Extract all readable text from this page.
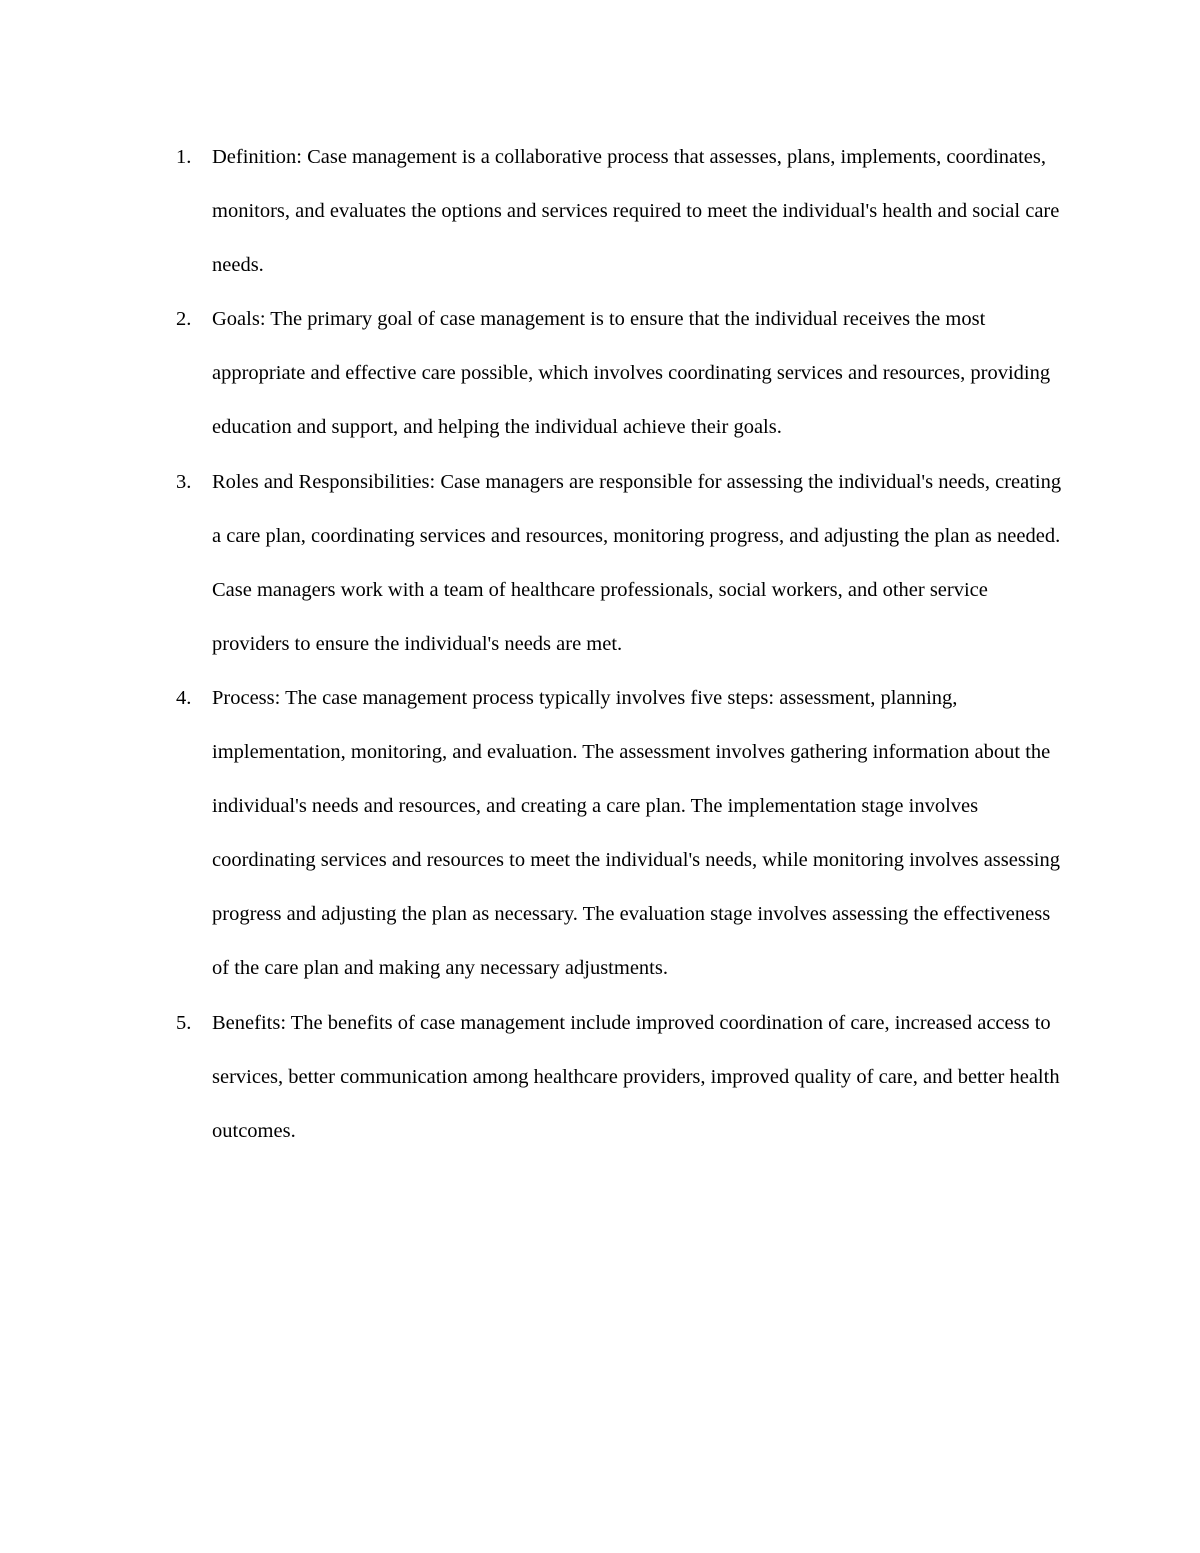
1. Definition: Case management is a collaborative process that assesses, plans, implements, coordinates, monitors, and evaluates the options and services required to meet the individual's health and social care needs.
2. Goals: The primary goal of case management is to ensure that the individual receives the most appropriate and effective care possible, which involves coordinating services and resources, providing education and support, and helping the individual achieve their goals.
3. Roles and Responsibilities: Case managers are responsible for assessing the individual's needs, creating a care plan, coordinating services and resources, monitoring progress, and adjusting the plan as needed. Case managers work with a team of healthcare professionals, social workers, and other service providers to ensure the individual's needs are met.
4. Process: The case management process typically involves five steps: assessment, planning, implementation, monitoring, and evaluation. The assessment involves gathering information about the individual's needs and resources, and creating a care plan. The implementation stage involves coordinating services and resources to meet the individual's needs, while monitoring involves assessing progress and adjusting the plan as necessary. The evaluation stage involves assessing the effectiveness of the care plan and making any necessary adjustments.
5. Benefits: The benefits of case management include improved coordination of care, increased access to services, better communication among healthcare providers, improved quality of care, and better health outcomes.
